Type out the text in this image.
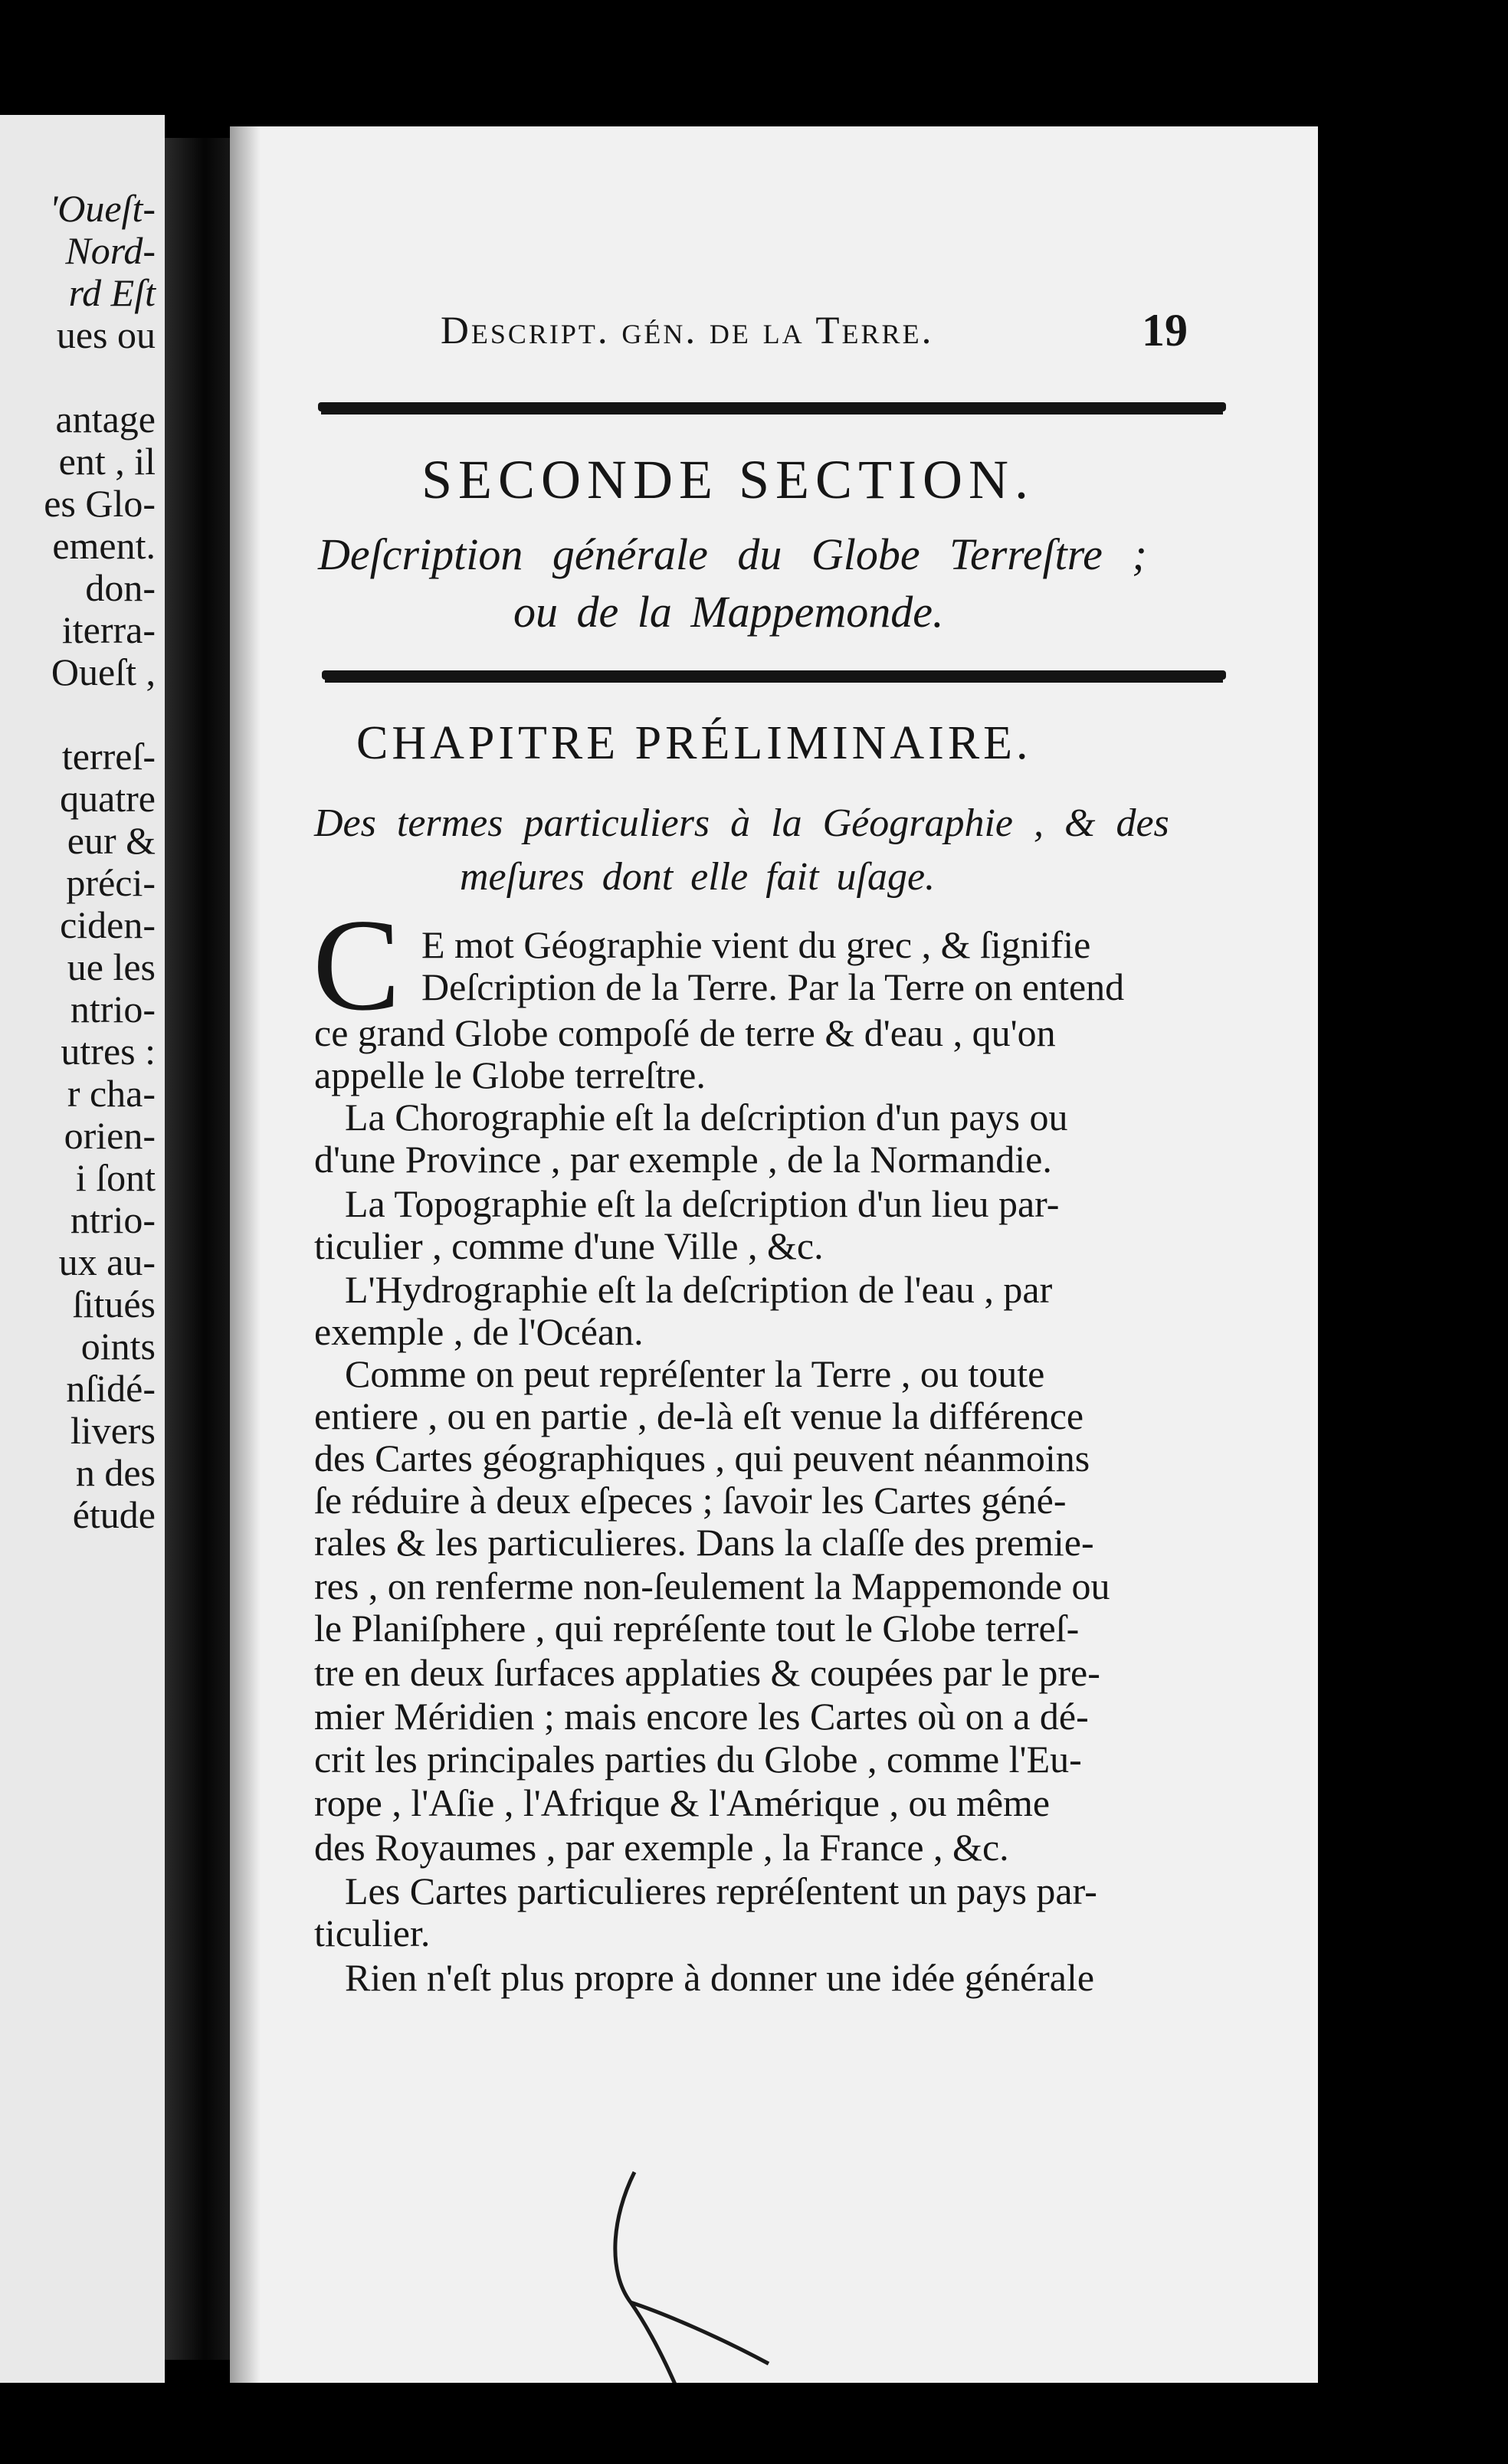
'Oueſt-
Nord-
rd Eſt
ues ou
antage
ent , il
es Glo-
ement.
don-
iterra-
Oueſt ,
terreſ-
quatre
eur &
préci-
ciden-
ue les
ntrio-
utres :
r cha-
orien-
i ſont
ntrio-
ux au-
ſitués
oints
nſidé-
livers
n des
étude
Descript. gén. de la Terre.	19
SECONDE SECTION.
Deſcription générale du Globe Terreſtre ;
ou de la Mappemonde.
CHAPITRE PRÉLIMINAIRE.
Des termes particuliers à la Géographie , & des
meſures dont elle fait uſage.
C E mot Géographie vient du grec , & ſignifie
Deſcription de la Terre. Par la Terre on entend
ce grand Globe compoſé de terre & d'eau , qu'on
appelle le Globe terreſtre.
La Chorographie eſt la deſcription d'un pays ou
d'une Province , par exemple , de la Normandie.
La Topographie eſt la deſcription d'un lieu par-
ticulier , comme d'une Ville , &c.
L'Hydrographie eſt la deſcription de l'eau , par
exemple , de l'Océan.
Comme on peut repréſenter la Terre , ou toute
entiere , ou en partie , de-là eſt venue la différence
des Cartes géographiques , qui peuvent néanmoins
ſe réduire à deux eſpeces ; ſavoir les Cartes géné-
rales & les particulieres. Dans la claſſe des premie-
res , on renferme non-ſeulement la Mappemonde ou
le Planiſphere , qui repréſente tout le Globe terreſ-
tre en deux ſurfaces applaties & coupées par le pre-
mier Méridien ; mais encore les Cartes où on a dé-
crit les principales parties du Globe , comme l'Eu-
rope , l'Aſie , l'Afrique & l'Amérique , ou même
des Royaumes , par exemple , la France , &c.
Les Cartes particulieres repréſentent un pays par-
ticulier.
Rien n'eſt plus propre à donner une idée générale
